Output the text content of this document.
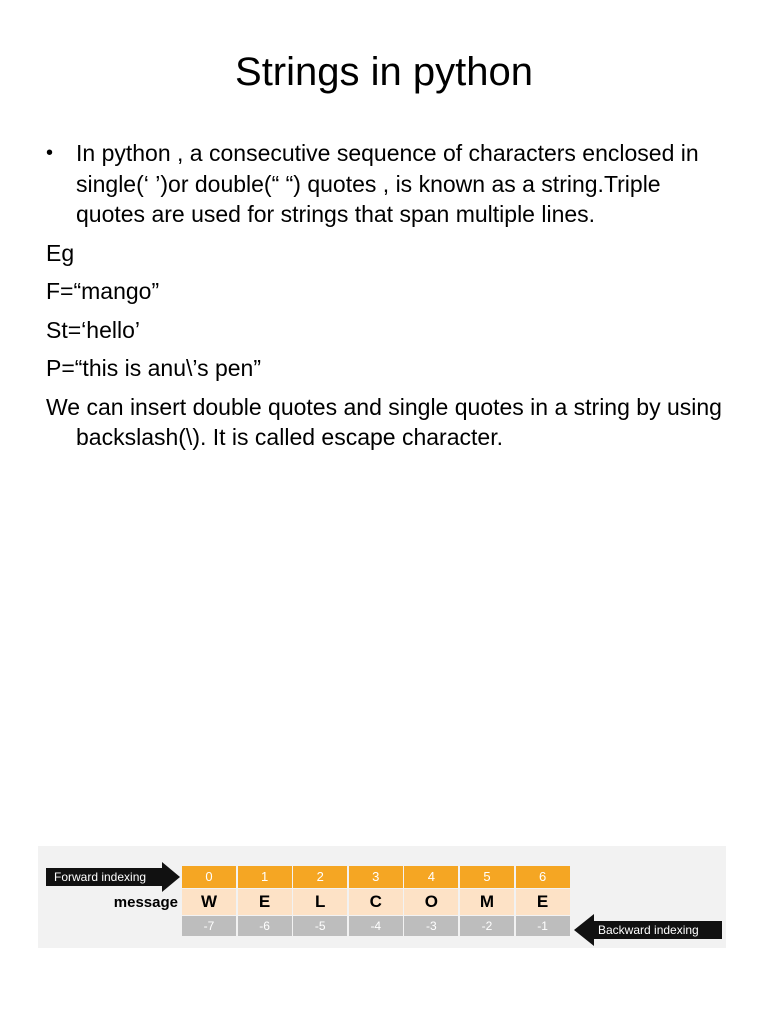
Strings in python
• In python , a consecutive sequence of characters enclosed in single(‘ ’)or double(“ “) quotes , is known as a string.Triple quotes are used for strings that span multiple lines.
Eg
F=“mango”
St=‘hello’
P=“this is anu\’s pen”
We can insert double quotes and single quotes in a string by using backslash(\). It is called escape character.
Forward indexing
message
0	1	2	3	4	5	6
W	E	L	C	O	M	E
-7	-6	-5	-4	-3	-2	-1	Backward indexing
